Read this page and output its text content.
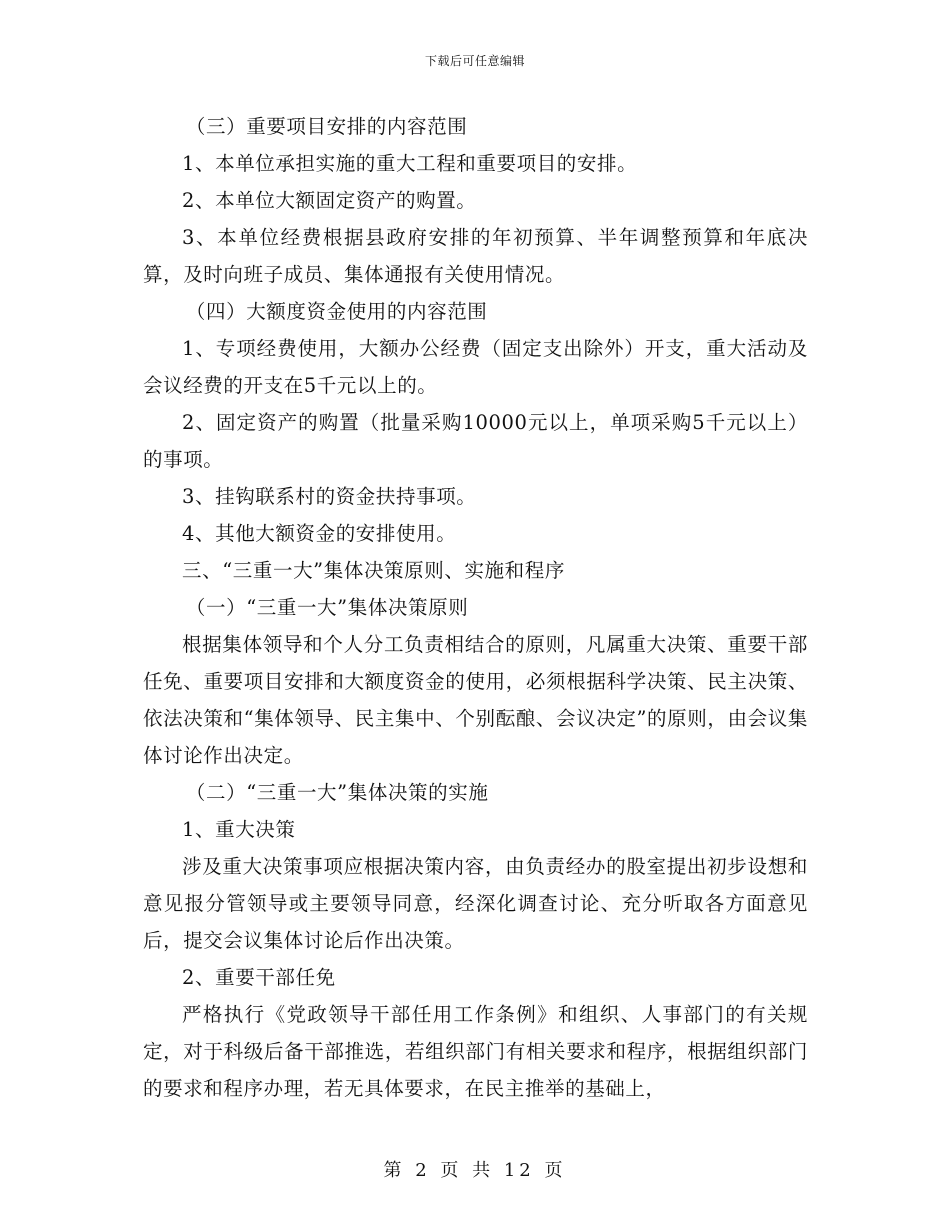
下载后可任意编辑

（三）重要项目安排的内容范围

1、本单位承担实施的重大工程和重要项目的安排。

2、本单位大额固定资产的购置。

3、本单位经费根据县政府安排的年初预算、半年调整预算和年底决算，及时向班子成员、集体通报有关使用情况。

（四）大额度资金使用的内容范围

1、专项经费使用，大额办公经费（固定支出除外）开支，重大活动及会议经费的开支在5千元以上的。

2、固定资产的购置（批量采购10000元以上，单项采购5千元以上）的事项。

3、挂钩联系村的资金扶持事项。

4、其他大额资金的安排使用。

三、“三重一大”集体决策原则、实施和程序

（一）“三重一大”集体决策原则

根据集体领导和个人分工负责相结合的原则，凡属重大决策、重要干部任免、重要项目安排和大额度资金的使用，必须根据科学决策、民主决策、依法决策和“集体领导、民主集中、个别酝酿、会议决定”的原则，由会议集体讨论作出决定。

（二）“三重一大”集体决策的实施

1、重大决策

涉及重大决策事项应根据决策内容，由负责经办的股室提出初步设想和意见报分管领导或主要领导同意，经深化调查讨论、充分听取各方面意见后，提交会议集体讨论后作出决策。

2、重要干部任免

严格执行《党政领导干部任用工作条例》和组织、人事部门的有关规定，对于科级后备干部推选，若组织部门有相关要求和程序，根据组织部门的要求和程序办理，若无具体要求，在民主推举的基础上，

第 2 页 共 12 页
